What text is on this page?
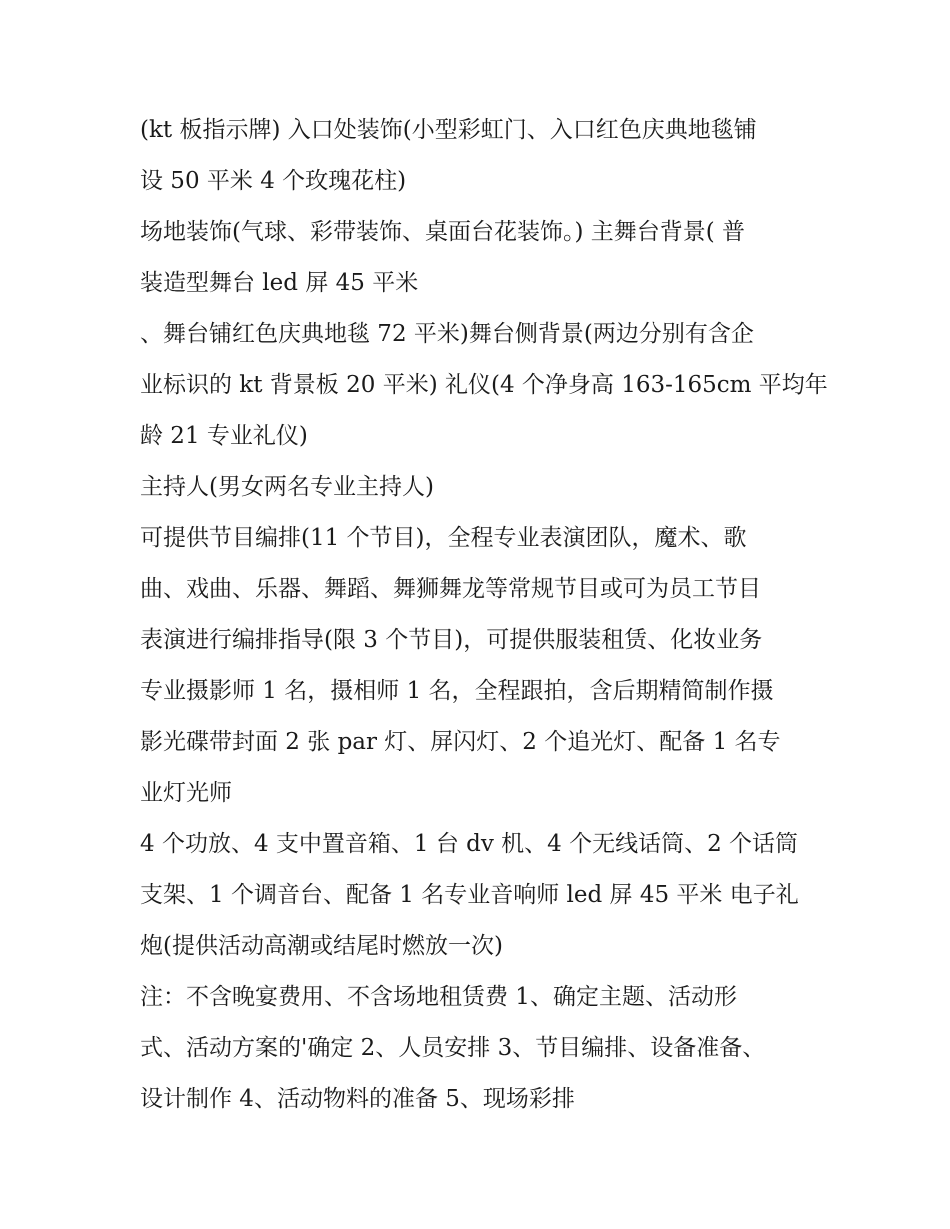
(kt 板指示牌) 入口处装饰(小型彩虹门、入口红色庆典地毯铺
设 50 平米 4 个玫瑰花柱)
场地装饰(气球、彩带装饰、桌面台花装饰。) 主舞台背景( 普
装造型舞台 led 屏 45 平米
、舞台铺红色庆典地毯 72 平米)舞台侧背景(两边分别有含企
业标识的 kt 背景板 20 平米) 礼仪(4 个净身高 163-165cm 平均年
龄 21 专业礼仪)
主持人(男女两名专业主持人)
可提供节目编排(11 个节目)，全程专业表演团队，魔术、歌
曲、戏曲、乐器、舞蹈、舞狮舞龙等常规节目或可为员工节目
表演进行编排指导(限 3 个节目)，可提供服装租赁、化妆业务
专业摄影师 1 名，摄相师 1 名，全程跟拍，含后期精简制作摄
影光碟带封面 2 张 par 灯、屏闪灯、2 个追光灯、配备 1 名专
业灯光师
4 个功放、4 支中置音箱、1 台 dv 机、4 个无线话筒、2 个话筒
支架、1 个调音台、配备 1 名专业音响师 led 屏 45 平米 电子礼
炮(提供活动高潮或结尾时燃放一次)
注：不含晚宴费用、不含场地租赁费 1、确定主题、活动形
式、活动方案的'确定 2、人员安排 3、节目编排、设备准备、
设计制作 4、活动物料的准备 5、现场彩排
